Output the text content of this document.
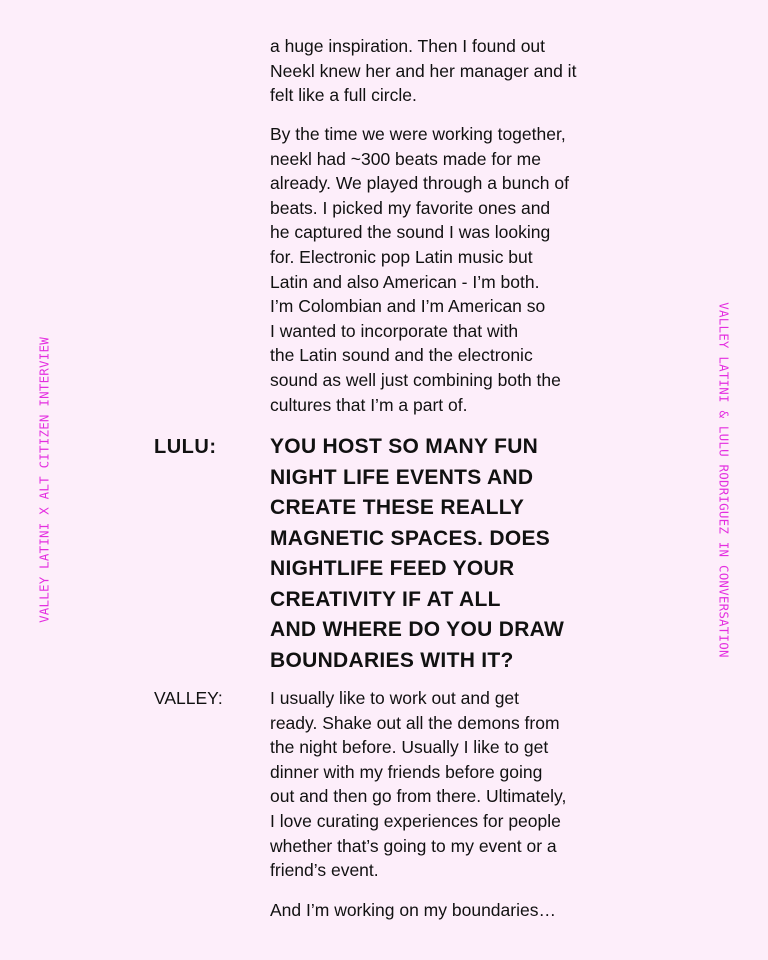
VALLEY LATINI X ALT CITIZEN INTERVIEW	VALLEY LATINI & LULU RODRIGUEZ IN CONVERSATION
a huge inspiration. Then I found out
Neekl knew her and her manager and it
felt like a full circle.
By the time we were working together,
neekl had ~300 beats made for me
already. We played through a bunch of
beats. I picked my favorite ones and
he captured the sound I was looking
for. Electronic pop Latin music but
Latin and also American - I’m both.
I’m Colombian and I’m American so
I wanted to incorporate that with
the Latin sound and the electronic
sound as well just combining both the
cultures that I’m a part of.
LULU:	YOU HOST SO MANY FUN
NIGHT LIFE EVENTS AND
CREATE THESE REALLY
MAGNETIC SPACES. DOES
NIGHTLIFE FEED YOUR
CREATIVITY IF AT ALL
AND WHERE DO YOU DRAW
BOUNDARIES WITH IT?
VALLEY:	I usually like to work out and get
ready. Shake out all the demons from
the night before. Usually I like to get
dinner with my friends before going
out and then go from there. Ultimately,
I love curating experiences for people
whether that’s going to my event or a
friend’s event.
And I’m working on my boundaries…
